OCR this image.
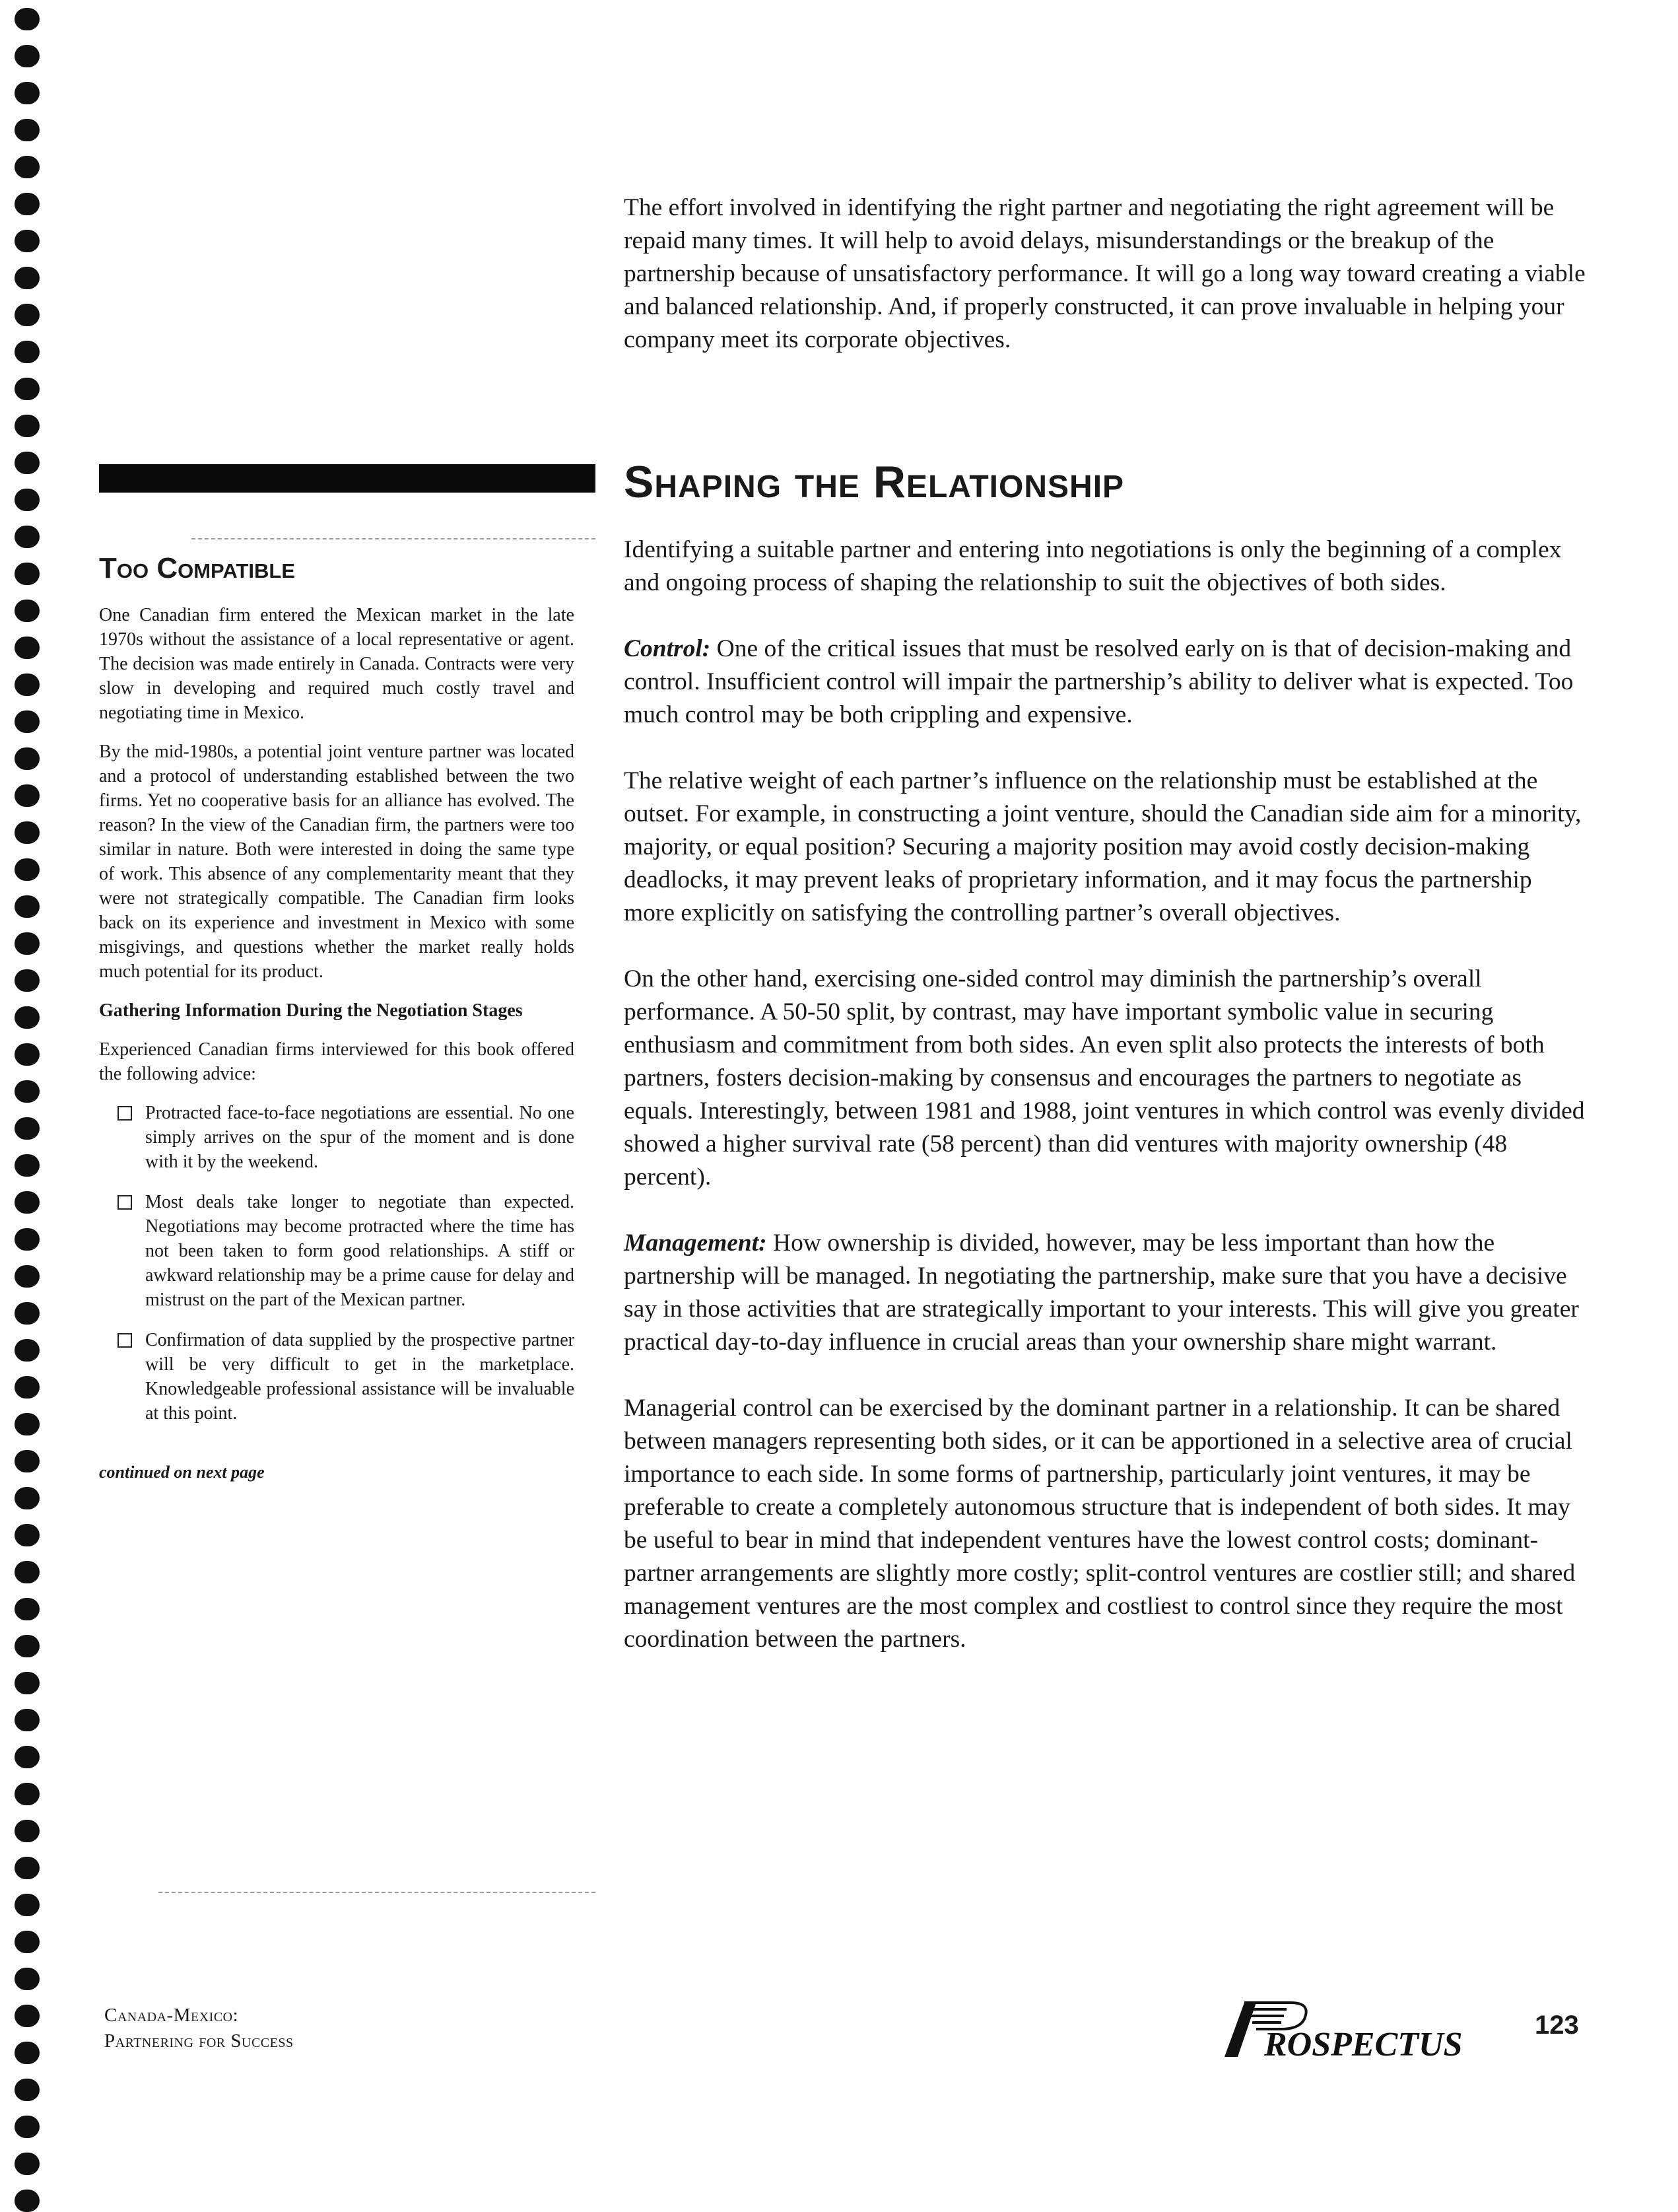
The effort involved in identifying the right partner and negotiating the right agreement will be repaid many times. It will help to avoid delays, misunderstandings or the breakup of the partnership because of unsatisfactory performance. It will go a long way toward creating a viable and balanced relationship. And, if properly constructed, it can prove invaluable in helping your company meet its corporate objectives.

Shaping the Relationship

Identifying a suitable partner and entering into negotiations is only the beginning of a complex and ongoing process of shaping the relationship to suit the objectives of both sides.

Control: One of the critical issues that must be resolved early on is that of decision-making and control. Insufficient control will impair the partnership’s ability to deliver what is expected. Too much control may be both crippling and expensive.

The relative weight of each partner’s influence on the relationship must be established at the outset. For example, in constructing a joint venture, should the Canadian side aim for a minority, majority, or equal position? Securing a majority position may avoid costly decision-making deadlocks, it may prevent leaks of proprietary information, and it may focus the partnership more explicitly on satisfying the controlling partner’s overall objectives.

On the other hand, exercising one-sided control may diminish the partnership’s overall performance. A 50-50 split, by contrast, may have important symbolic value in securing enthusiasm and commitment from both sides. An even split also protects the interests of both partners, fosters decision-making by consensus and encourages the partners to negotiate as equals. Interestingly, between 1981 and 1988, joint ventures in which control was evenly divided showed a higher survival rate (58 percent) than did ventures with majority ownership (48 percent).

Management: How ownership is divided, however, may be less important than how the partnership will be managed. In negotiating the partnership, make sure that you have a decisive say in those activities that are strategically important to your interests. This will give you greater practical day-to-day influence in crucial areas than your ownership share might warrant.

Managerial control can be exercised by the dominant partner in a relationship. It can be shared between managers representing both sides, or it can be apportioned in a selective area of crucial importance to each side. In some forms of partnership, particularly joint ventures, it may be preferable to create a completely autonomous structure that is independent of both sides. It may be useful to bear in mind that independent ventures have the lowest control costs; dominant-partner arrangements are slightly more costly; split-control ventures are costlier still; and shared management ventures are the most complex and costliest to control since they require the most coordination between the partners.

Too Compatible

One Canadian firm entered the Mexican market in the late 1970s without the assistance of a local representative or agent. The decision was made entirely in Canada. Contracts were very slow in developing and required much costly travel and negotiating time in Mexico.

By the mid-1980s, a potential joint venture partner was located and a protocol of understanding established between the two firms. Yet no cooperative basis for an alliance has evolved. The reason? In the view of the Canadian firm, the partners were too similar in nature. Both were interested in doing the same type of work. This absence of any complementarity meant that they were not strategically compatible. The Canadian firm looks back on its experience and investment in Mexico with some misgivings, and questions whether the market really holds much potential for its product.

Gathering Information During the Negotiation Stages

Experienced Canadian firms interviewed for this book offered the following advice:

Protracted face-to-face negotiations are essential. No one simply arrives on the spur of the moment and is done with it by the weekend.
Most deals take longer to negotiate than expected. Negotiations may become protracted where the time has not been taken to form good relationships. A stiff or awkward relationship may be a prime cause for delay and mistrust on the part of the Mexican partner.
Confirmation of data supplied by the prospective partner will be very difficult to get in the marketplace. Knowledgeable professional assistance will be invaluable at this point.
continued on next page
Canada-Mexico:
Partnering for Success	ROSPECTUS
123
